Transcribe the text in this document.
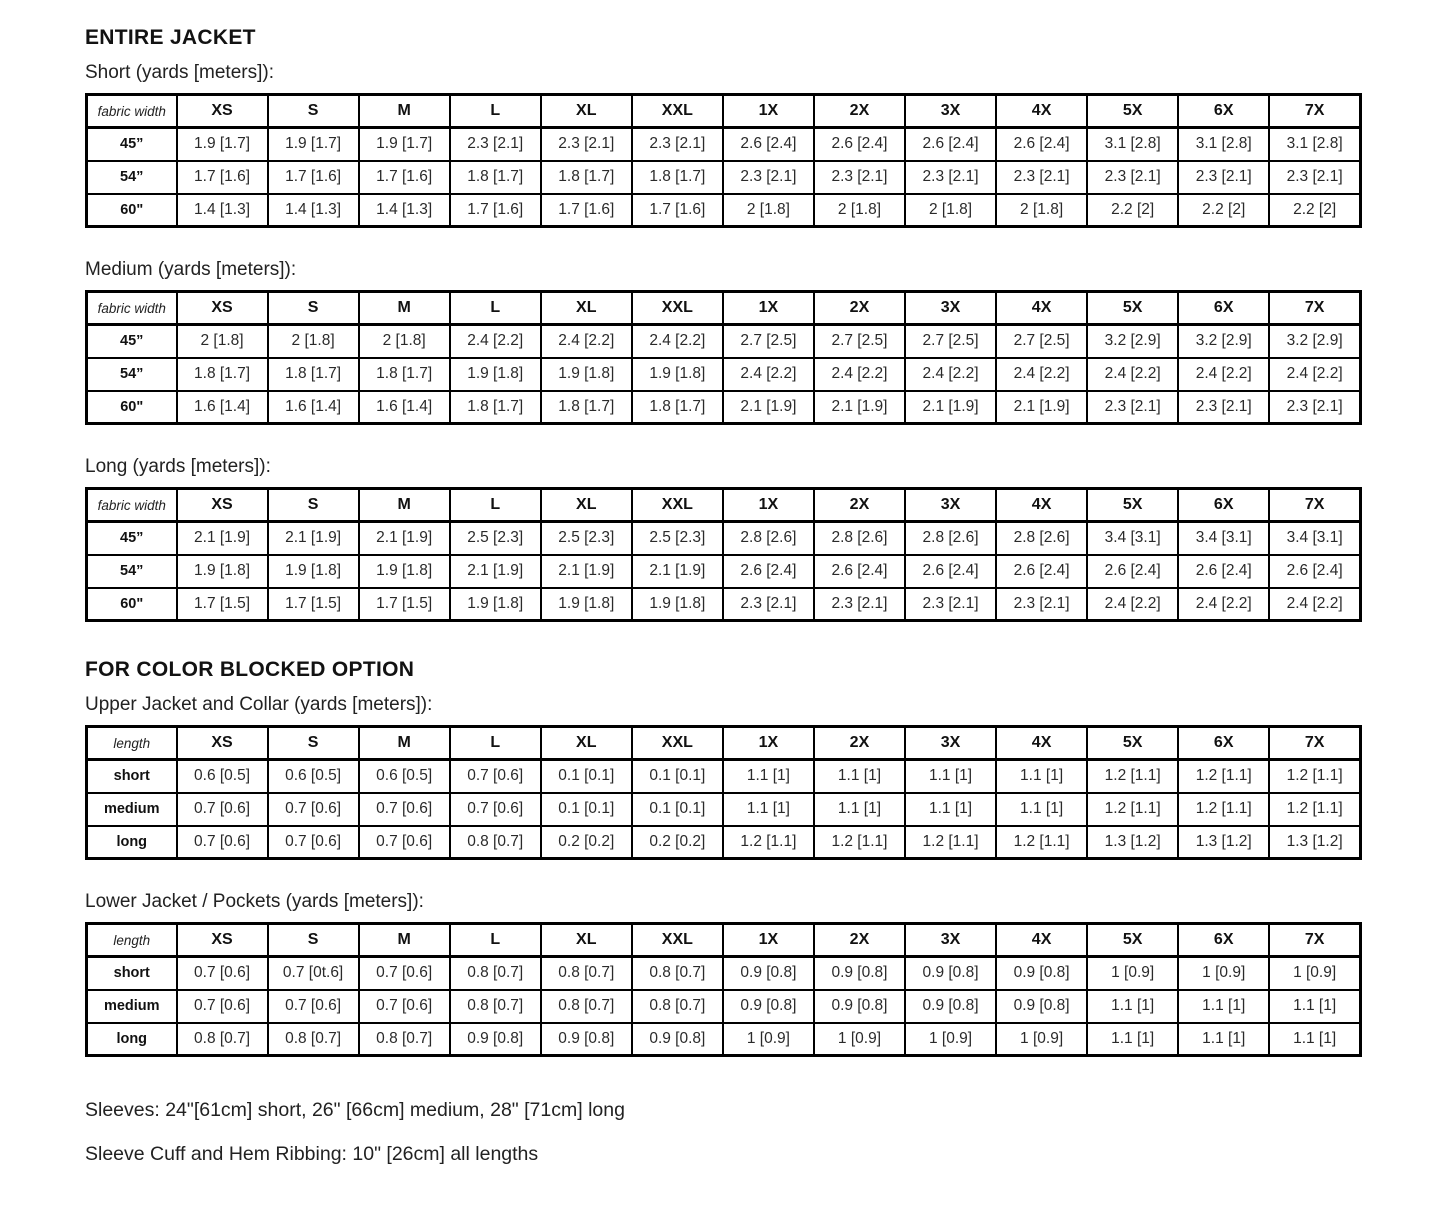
ENTIRE JACKET

Short (yards [meters]):

fabric width	XS	S	M	L	XL	XXL	1X	2X	3X	4X	5X	6X	7X
45”	1.9 [1.7]	1.9 [1.7]	1.9 [1.7]	2.3 [2.1]	2.3 [2.1]	2.3 [2.1]	2.6 [2.4]	2.6 [2.4]	2.6 [2.4]	2.6 [2.4]	3.1 [2.8]	3.1 [2.8]	3.1 [2.8]
54”	1.7 [1.6]	1.7 [1.6]	1.7 [1.6]	1.8 [1.7]	1.8 [1.7]	1.8 [1.7]	2.3 [2.1]	2.3 [2.1]	2.3 [2.1]	2.3 [2.1]	2.3 [2.1]	2.3 [2.1]	2.3 [2.1]
60"	1.4 [1.3]	1.4 [1.3]	1.4 [1.3]	1.7 [1.6]	1.7 [1.6]	1.7 [1.6]	2 [1.8]	2 [1.8]	2 [1.8]	2 [1.8]	2.2 [2]	2.2 [2]	2.2 [2]

Medium (yards [meters]):

fabric width	XS	S	M	L	XL	XXL	1X	2X	3X	4X	5X	6X	7X
45”	2 [1.8]	2 [1.8]	2 [1.8]	2.4 [2.2]	2.4 [2.2]	2.4 [2.2]	2.7 [2.5]	2.7 [2.5]	2.7 [2.5]	2.7 [2.5]	3.2 [2.9]	3.2 [2.9]	3.2 [2.9]
54”	1.8 [1.7]	1.8 [1.7]	1.8 [1.7]	1.9 [1.8]	1.9 [1.8]	1.9 [1.8]	2.4 [2.2]	2.4 [2.2]	2.4 [2.2]	2.4 [2.2]	2.4 [2.2]	2.4 [2.2]	2.4 [2.2]
60"	1.6 [1.4]	1.6 [1.4]	1.6 [1.4]	1.8 [1.7]	1.8 [1.7]	1.8 [1.7]	2.1 [1.9]	2.1 [1.9]	2.1 [1.9]	2.1 [1.9]	2.3 [2.1]	2.3 [2.1]	2.3 [2.1]

Long (yards [meters]):

fabric width	XS	S	M	L	XL	XXL	1X	2X	3X	4X	5X	6X	7X
45”	2.1 [1.9]	2.1 [1.9]	2.1 [1.9]	2.5 [2.3]	2.5 [2.3]	2.5 [2.3]	2.8 [2.6]	2.8 [2.6]	2.8 [2.6]	2.8 [2.6]	3.4 [3.1]	3.4 [3.1]	3.4 [3.1]
54”	1.9 [1.8]	1.9 [1.8]	1.9 [1.8]	2.1 [1.9]	2.1 [1.9]	2.1 [1.9]	2.6 [2.4]	2.6 [2.4]	2.6 [2.4]	2.6 [2.4]	2.6 [2.4]	2.6 [2.4]	2.6 [2.4]
60"	1.7 [1.5]	1.7 [1.5]	1.7 [1.5]	1.9 [1.8]	1.9 [1.8]	1.9 [1.8]	2.3 [2.1]	2.3 [2.1]	2.3 [2.1]	2.3 [2.1]	2.4 [2.2]	2.4 [2.2]	2.4 [2.2]
FOR COLOR BLOCKED OPTION

Upper Jacket and Collar (yards [meters]):

length	XS	S	M	L	XL	XXL	1X	2X	3X	4X	5X	6X	7X
short	0.6 [0.5]	0.6 [0.5]	0.6 [0.5]	0.7 [0.6]	0.1 [0.1]	0.1 [0.1]	1.1 [1]	1.1 [1]	1.1 [1]	1.1 [1]	1.2 [1.1]	1.2 [1.1]	1.2 [1.1]
medium	0.7 [0.6]	0.7 [0.6]	0.7 [0.6]	0.7 [0.6]	0.1 [0.1]	0.1 [0.1]	1.1 [1]	1.1 [1]	1.1 [1]	1.1 [1]	1.2 [1.1]	1.2 [1.1]	1.2 [1.1]
long	0.7 [0.6]	0.7 [0.6]	0.7 [0.6]	0.8 [0.7]	0.2 [0.2]	0.2 [0.2]	1.2 [1.1]	1.2 [1.1]	1.2 [1.1]	1.2 [1.1]	1.3 [1.2]	1.3 [1.2]	1.3 [1.2]

Lower Jacket / Pockets (yards [meters]):

length	XS	S	M	L	XL	XXL	1X	2X	3X	4X	5X	6X	7X
short	0.7 [0.6]	0.7 [0t.6]	0.7 [0.6]	0.8 [0.7]	0.8 [0.7]	0.8 [0.7]	0.9 [0.8]	0.9 [0.8]	0.9 [0.8]	0.9 [0.8]	1 [0.9]	1 [0.9]	1 [0.9]
medium	0.7 [0.6]	0.7 [0.6]	0.7 [0.6]	0.8 [0.7]	0.8 [0.7]	0.8 [0.7]	0.9 [0.8]	0.9 [0.8]	0.9 [0.8]	0.9 [0.8]	1.1 [1]	1.1 [1]	1.1 [1]
long	0.8 [0.7]	0.8 [0.7]	0.8 [0.7]	0.9 [0.8]	0.9 [0.8]	0.9 [0.8]	1 [0.9]	1 [0.9]	1 [0.9]	1 [0.9]	1.1 [1]	1.1 [1]	1.1 [1]

Sleeves: 24"[61cm] short, 26" [66cm] medium, 28" [71cm] long

Sleeve Cuff and Hem Ribbing: 10" [26cm] all lengths
